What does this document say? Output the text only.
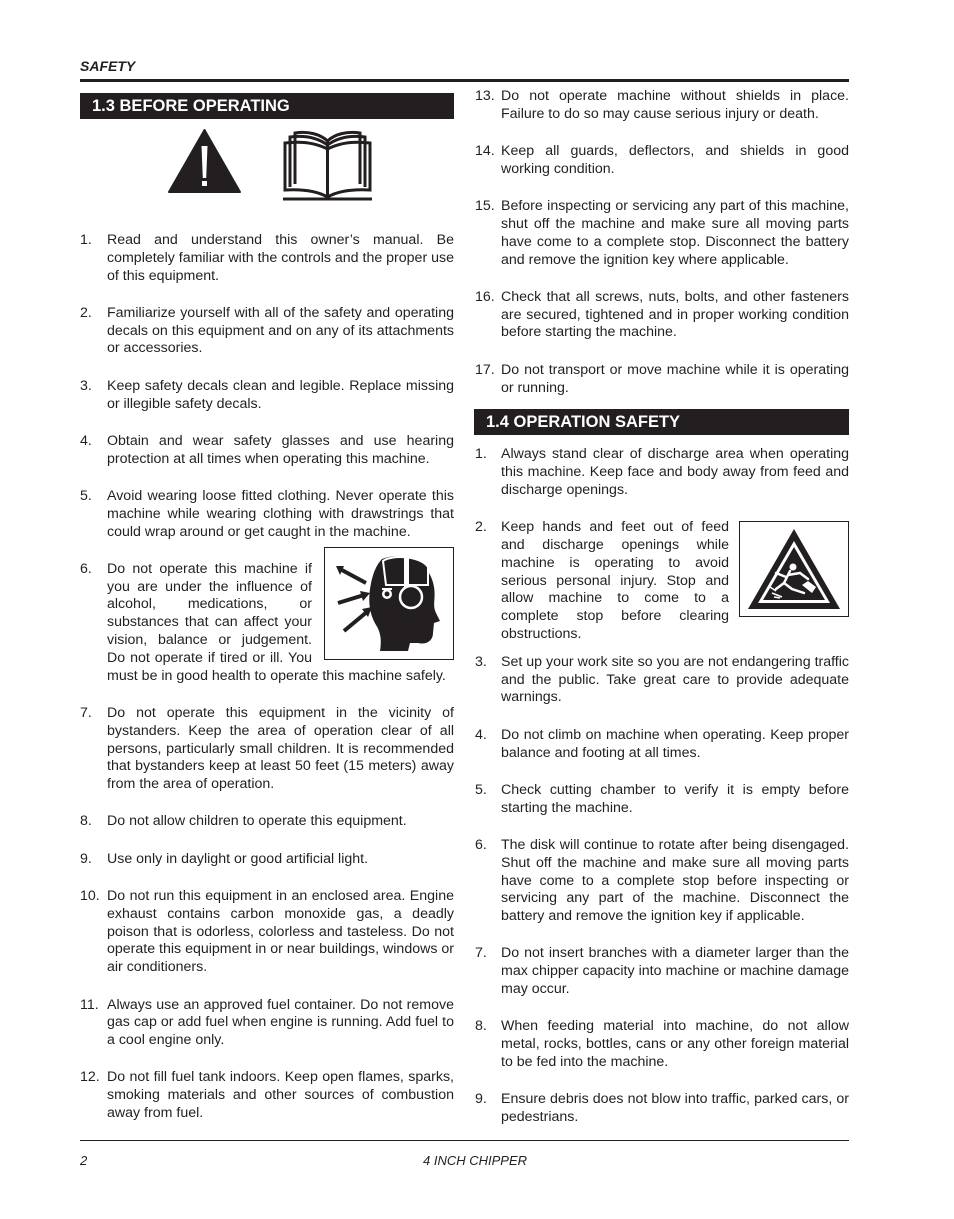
SAFETY
1.3 BEFORE OPERATING
1. Read and understand this owner’s manual. Be completely familiar with the controls and the proper use of this equipment.
2. Familiarize yourself with all of the safety and operating decals on this equipment and on any of its attachments or accessories.
3. Keep safety decals clean and legible. Replace missing or illegible safety decals.
4. Obtain and wear safety glasses and use hearing protection at all times when operating this machine.
5. Avoid wearing loose fitted clothing. Never operate this machine while wearing clothing with drawstrings that could wrap around or get caught in the machine.
6. Do not operate this machine if you are under the influence of alcohol, medications, or substances that can affect your vision, balance or judgement. Do not operate if tired or ill. You must be in good health to operate this machine safely.
7. Do not operate this equipment in the vicinity of bystanders. Keep the area of operation clear of all persons, particularly small children. It is recommended that bystanders keep at least 50 feet (15 meters) away from the area of operation.
8. Do not allow children to operate this equipment.
9. Use only in daylight or good artificial light.
10. Do not run this equipment in an enclosed area. Engine exhaust contains carbon monoxide gas, a deadly poison that is odorless, colorless and tasteless. Do not operate this equipment in or near buildings, windows or air conditioners.
11. Always use an approved fuel container. Do not remove gas cap or add fuel when engine is running. Add fuel to a cool engine only.
12. Do not fill fuel tank indoors. Keep open flames, sparks, smoking materials and other sources of combustion away from fuel.
13. Do not operate machine without shields in place. Failure to do so may cause serious injury or death.
14. Keep all guards, deflectors, and shields in good working condition.
15. Before inspecting or servicing any part of this machine, shut off the machine and make sure all moving parts have come to a complete stop. Disconnect the battery and remove the ignition key where applicable.
16. Check that all screws, nuts, bolts, and other fasteners are secured, tightened and in proper working condition before starting the machine.
17. Do not transport or move machine while it is operating or running.
1.4 OPERATION SAFETY
1. Always stand clear of discharge area when operating this machine. Keep face and body away from feed and discharge openings.
2. Keep hands and feet out of feed and discharge openings while machine is operating to avoid serious personal injury. Stop and allow machine to come to a complete stop before clearing obstructions.
3. Set up your work site so you are not endangering traffic and the public. Take great care to provide adequate warnings.
4. Do not climb on machine when operating. Keep proper balance and footing at all times.
5. Check cutting chamber to verify it is empty before starting the machine.
6. The disk will continue to rotate after being disengaged. Shut off the machine and make sure all moving parts have come to a complete stop before inspecting or servicing any part of the machine. Disconnect the battery and remove the ignition key if applicable.
7. Do not insert branches with a diameter larger than the max chipper capacity into machine or machine damage may occur.
8. When feeding material into machine, do not allow metal, rocks, bottles, cans or any other foreign material to be fed into the machine.
9. Ensure debris does not blow into traffic, parked cars, or pedestrians.
2	4 INCH CHIPPER
